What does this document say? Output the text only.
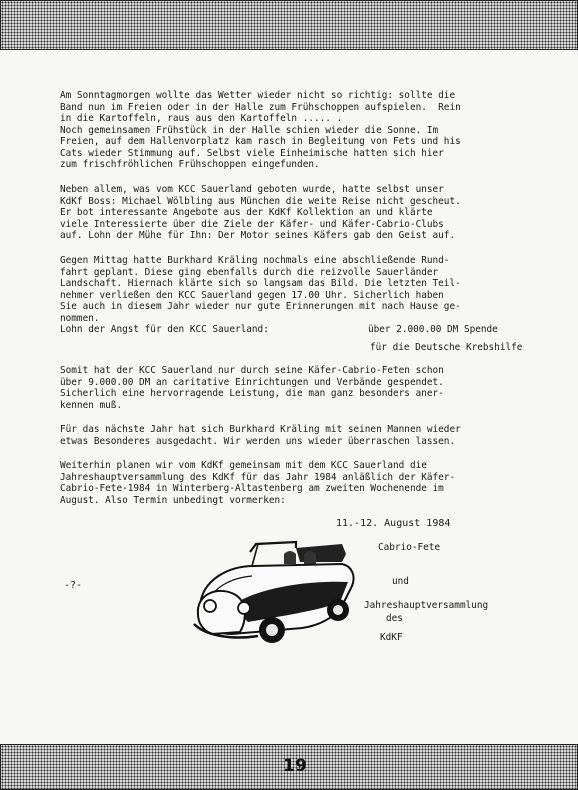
Am Sonntagmorgen wollte das Wetter wieder nicht so richtig: sollte die
Band nun im Freien oder in der Halle zum Frühschoppen aufspielen.  Rein
in die Kartoffeln, raus aus den Kartoffeln ..... .
Noch gemeinsamen Frühstück in der Halle schien wieder die Sonne. Im
Freien, auf dem Hallenvorplatz kam rasch in Begleitung von Fets und his
Cats wieder Stimmung auf. Selbst viele Einheimische hatten sich hier
zum frischfröhlichen Frühschoppen eingefunden.
Neben allem, was vom KCC Sauerland geboten wurde, hatte selbst unser
KdKf Boss: Michael Wölbling aus München die weite Reise nicht gescheut.
Er bot interessante Angebote aus der KdKf Kollektion an und klärte
viele Interessierte über die Ziele der Käfer- und Käfer-Cabrio-Clubs
auf. Lohn der Mühe für Ihn: Der Motor seines Käfers gab den Geist auf.
Gegen Mittag hatte Burkhard Kräling nochmals eine abschließende Rund-
fahrt geplant. Diese ging ebenfalls durch die reizvolle Sauerländer
Landschaft. Hiernach klärte sich so langsam das Bild. Die letzten Teil-
nehmer verließen den KCC Sauerland gegen 17.00 Uhr. Sicherlich haben
Sie auch in diesem Jahr wieder nur gute Erinnerungen mit nach Hause ge-
nommen.
Lohn der Angst für den KCC Sauerland:	über 2.000.00 DM Spende
für die Deutsche Krebshilfe
Somit hat der KCC Sauerland nur durch seine Käfer-Cabrio-Feten schon
über 9.000.00 DM an caritative Einrichtungen und Verbände gespendet.
Sicherlich eine hervorragende Leistung, die man ganz besonders aner-
kennen muß.
Für das nächste Jahr hat sich Burkhard Kräling mit seinen Mannen wieder
etwas Besonderes ausgedacht. Wir werden uns wieder überraschen lassen.
Weiterhin planen wir vom KdKf gemeinsam mit dem KCC Sauerland die
Jahreshauptversammlung des KdKf für das Jahr 1984 anläßlich der Käfer-
Cabrio-Fete-1984 in Winterberg-Altastenberg am zweiten Wochenende im
August. Also Termin unbedingt vormerken:
11.-12. August 1984
Cabrio-Fete
und
Jahreshauptversammlung
des
KdKF
-?-
19
